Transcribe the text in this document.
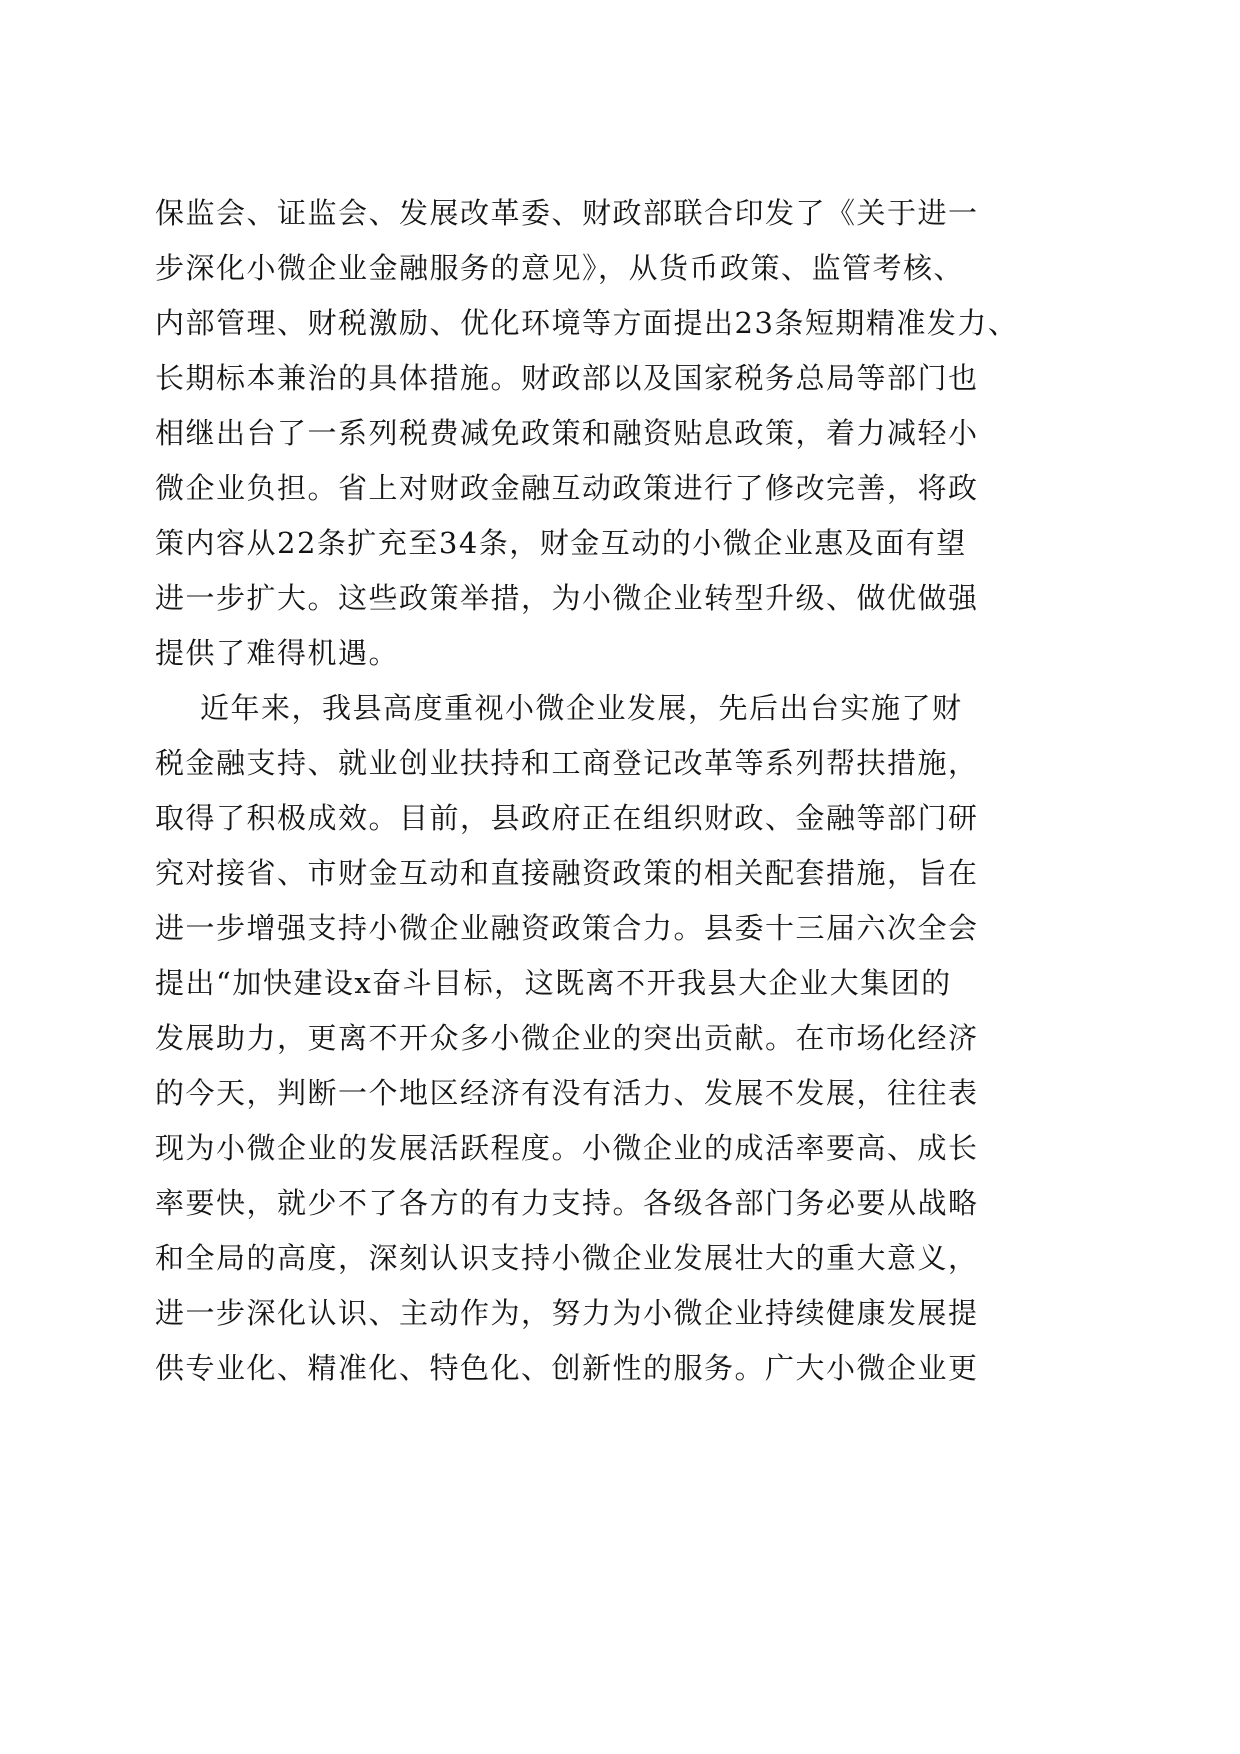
保监会、证监会、发展改革委、财政部联合印发了《关于进一
步深化小微企业金融服务的意见》，从货币政策、监管考核、
内部管理、财税激励、优化环境等方面提出23条短期精准发力、
长期标本兼治的具体措施。财政部以及国家税务总局等部门也
相继出台了一系列税费减免政策和融资贴息政策，着力减轻小
微企业负担。省上对财政金融互动政策进行了修改完善，将政
策内容从22条扩充至34条，财金互动的小微企业惠及面有望
进一步扩大。这些政策举措，为小微企业转型升级、做优做强
提供了难得机遇。
近年来，我县高度重视小微企业发展，先后出台实施了财
税金融支持、就业创业扶持和工商登记改革等系列帮扶措施，
取得了积极成效。目前，县政府正在组织财政、金融等部门研
究对接省、市财金互动和直接融资政策的相关配套措施，旨在
进一步增强支持小微企业融资政策合力。县委十三届六次全会
提出“加快建设x奋斗目标，这既离不开我县大企业大集团的
发展助力，更离不开众多小微企业的突出贡献。在市场化经济
的今天，判断一个地区经济有没有活力、发展不发展，往往表
现为小微企业的发展活跃程度。小微企业的成活率要高、成长
率要快，就少不了各方的有力支持。各级各部门务必要从战略
和全局的高度，深刻认识支持小微企业发展壮大的重大意义，
进一步深化认识、主动作为，努力为小微企业持续健康发展提
供专业化、精准化、特色化、创新性的服务。广大小微企业更
